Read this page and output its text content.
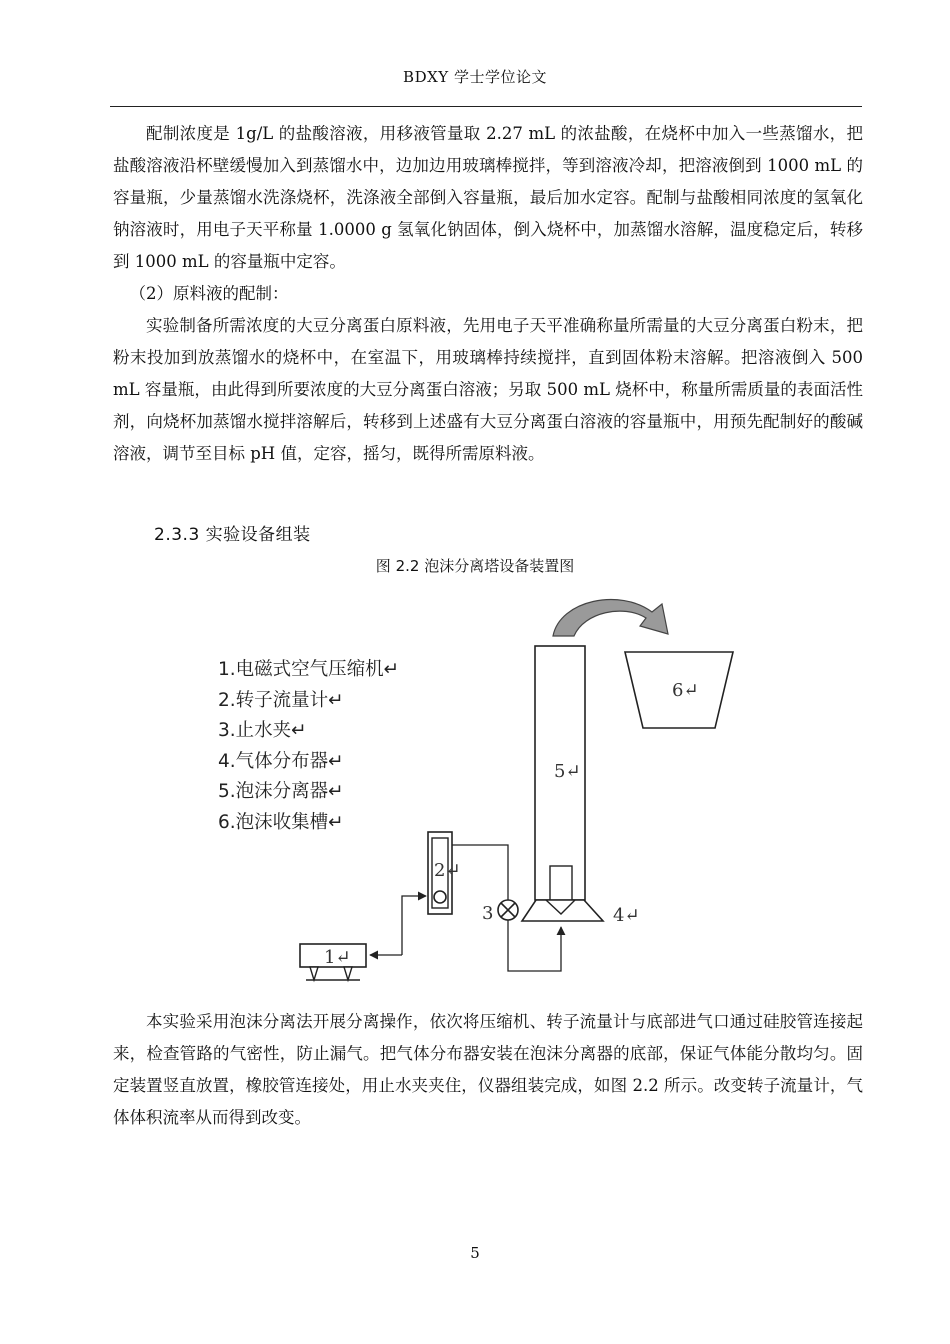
BDXY 学士学位论文

配制浓度是 1g/L 的盐酸溶液，用移液管量取 2.27 mL 的浓盐酸，在烧杯中加入一些蒸馏水，把盐酸溶液沿杯壁缓慢加入到蒸馏水中，边加边用玻璃棒搅拌，等到溶液冷却，把溶液倒到 1000 mL 的容量瓶，少量蒸馏水洗涤烧杯，洗涤液全部倒入容量瓶，最后加水定容。配制与盐酸相同浓度的氢氧化钠溶液时，用电子天平称量 1.0000 g 氢氧化钠固体，倒入烧杯中，加蒸馏水溶解，温度稳定后，转移到 1000 mL 的容量瓶中定容。

（2）原料液的配制：

实验制备所需浓度的大豆分离蛋白原料液，先用电子天平准确称量所需量的大豆分离蛋白粉末，把粉末投加到放蒸馏水的烧杯中，在室温下，用玻璃棒持续搅拌，直到固体粉末溶解。把溶液倒入 500 mL 容量瓶，由此得到所要浓度的大豆分离蛋白溶液；另取 500 mL 烧杯中，称量所需质量的表面活性剂，向烧杯加蒸馏水搅拌溶解后，转移到上述盛有大豆分离蛋白溶液的容量瓶中，用预先配制好的酸碱溶液，调节至目标 pH 值，定容，摇匀，既得所需原料液。

2.3.3 实验设备组装
图 2.2 泡沫分离塔设备装置图
1.电磁式空气压缩机↵
2.转子流量计↵
3.止水夹↵
4.气体分布器↵
5.泡沫分离器↵
6.泡沫收集槽↵
6↵
5↵
4↵
3
2↵
1↵

本实验采用泡沫分离法开展分离操作，依次将压缩机、转子流量计与底部进气口通过硅胶管连接起来，检查管路的气密性，防止漏气。把气体分布器安装在泡沫分离器的底部，保证气体能分散均匀。固定装置竖直放置，橡胶管连接处，用止水夹夹住，仪器组装完成，如图 2.2 所示。改变转子流量计，气体体积流率从而得到改变。

5
